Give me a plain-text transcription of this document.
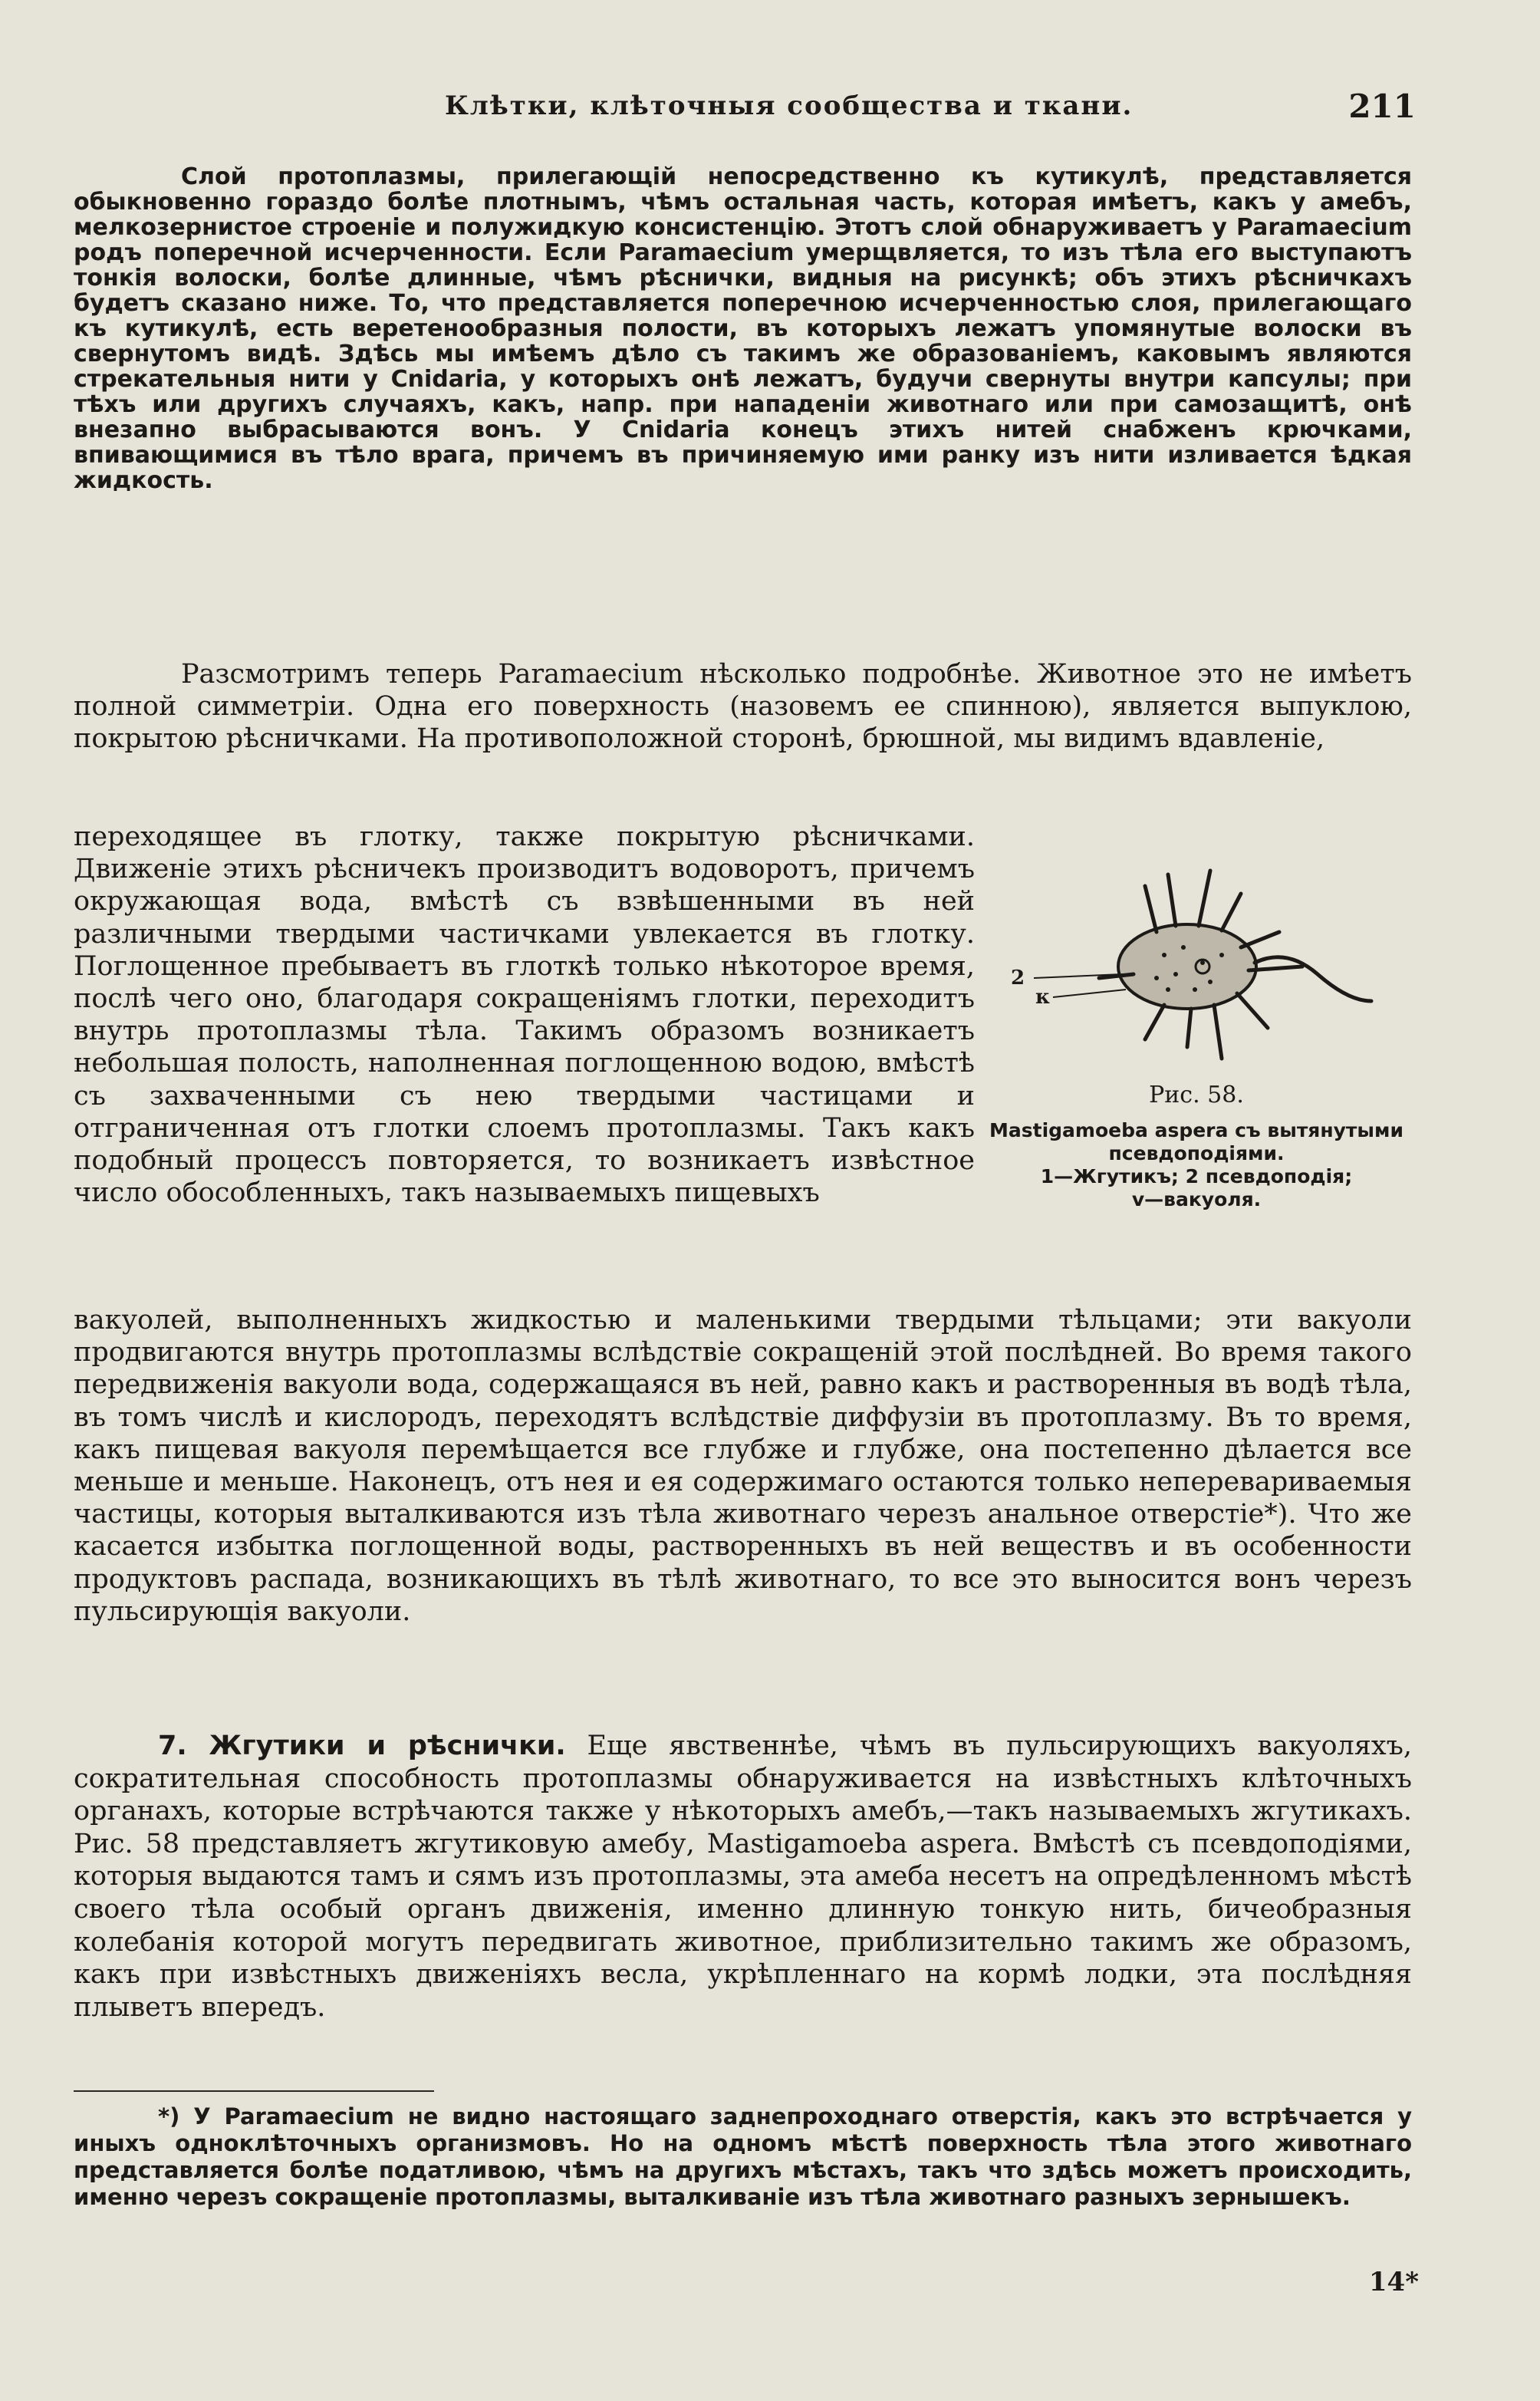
Клѣтки, клѣточныя сообщества и ткани.	211

Слой протоплазмы, прилегающій непосредственно къ кутикулѣ, представляется обыкновенно гораздо болѣе плотнымъ, чѣмъ остальная часть, которая имѣетъ, какъ у амебъ, мелкозернистое строеніе и полужидкую консистенцію. Этотъ слой обнаруживаетъ у Paramaecium родъ поперечной исчерченности. Если Paramaecium умерщвляется, то изъ тѣла его выступаютъ тонкія волоски, болѣе длинные, чѣмъ рѣснички, видныя на рисункѣ; объ этихъ рѣсничкахъ будетъ сказано ниже. То, что представляется поперечною исчерченностью слоя, прилегающаго къ кутикулѣ, есть веретенообразныя полости, въ которыхъ лежатъ упомянутые волоски въ свернутомъ видѣ. Здѣсь мы имѣемъ дѣло съ такимъ же образованіемъ, каковымъ являются стрекательныя нити у Cnidaria, у которыхъ онѣ лежатъ, будучи свернуты внутри капсулы; при тѣхъ или другихъ случаяхъ, какъ, напр. при нападеніи животнаго или при самозащитѣ, онѣ внезапно выбрасываются вонъ. У Cnidaria конецъ этихъ нитей снабженъ крючками, впивающимися въ тѣло врага, причемъ въ причиняемую ими ранку изъ нити изливается ѣдкая жидкость.

Разсмотримъ теперь Paramaecium нѣсколько подробнѣе. Животное это не имѣетъ полной симметріи. Одна его поверхность (назовемъ ее спинною), является выпуклою, покрытою рѣсничками. На противоположной сторонѣ, брюшной, мы видимъ вдавленіе,

переходящее въ глотку, также покрытую рѣсничками. Движеніе этихъ рѣсничекъ производитъ водоворотъ, причемъ окружающая вода, вмѣстѣ съ взвѣшенными въ ней различными твердыми частичками увлекается въ глотку. Поглощенное пребываетъ въ глоткѣ только нѣкоторое время, послѣ чего оно, благодаря сокращеніямъ глотки, переходитъ внутрь протоплазмы тѣла. Такимъ образомъ возникаетъ небольшая полость, наполненная поглощенною водою, вмѣстѣ съ захваченными съ нею твердыми частицами и отграниченная отъ глотки слоемъ протоплазмы. Такъ какъ подобный процессъ повторяется, то возникаетъ извѣстное число обособленныхъ, такъ называемыхъ пищевыхъ

2
к
Рис. 58.
Mastigamoeba aspera съ вытянутыми псевдоподіями.
1—Жгутикъ; 2 псевдоподія;
v—вакуоля.

вакуолей, выполненныхъ жидкостью и маленькими твердыми тѣльцами; эти вакуоли продвигаются внутрь протоплазмы вслѣдствіе сокращеній этой послѣдней. Во время такого передвиженія вакуоли вода, содержащаяся въ ней, равно какъ и растворенныя въ водѣ тѣла, въ томъ числѣ и кислородъ, переходятъ вслѣдствіе диффузіи въ протоплазму. Въ то время, какъ пищевая вакуоля перемѣщается все глубже и глубже, она постепенно дѣлается все меньше и меньше. Наконецъ, отъ нея и ея содержимаго остаются только неперевариваемыя частицы, которыя выталкиваются изъ тѣла животнаго черезъ анальное отверстіе*). Что же касается избытка поглощенной воды, растворенныхъ въ ней веществъ и въ особенности продуктовъ распада, возникающихъ въ тѣлѣ животнаго, то все это выносится вонъ черезъ пульсирующія вакуоли.

7. Жгутики и рѣснички. Еще явственнѣе, чѣмъ въ пульсирующихъ вакуоляхъ, сократительная способность протоплазмы обнаруживается на извѣстныхъ клѣточныхъ органахъ, которые встрѣчаются также у нѣкоторыхъ амебъ,—такъ называемыхъ жгутикахъ. Рис. 58 представляетъ жгутиковую амебу, Mastigamoeba aspera. Вмѣстѣ съ псевдоподіями, которыя выдаются тамъ и сямъ изъ протоплазмы, эта амеба несетъ на опредѣленномъ мѣстѣ своего тѣла особый органъ движенія, именно длинную тонкую нить, бичеобразныя колебанія которой могутъ передвигать животное, приблизительно такимъ же образомъ, какъ при извѣстныхъ движеніяхъ весла, укрѣпленнаго на кормѣ лодки, эта послѣдняя плыветъ впередъ.

*) У Paramaecium не видно настоящаго заднепроходнаго отверстія, какъ это встрѣчается у иныхъ одноклѣточныхъ организмовъ. Но на одномъ мѣстѣ поверхность тѣла этого животнаго представляется болѣе податливою, чѣмъ на другихъ мѣстахъ, такъ что здѣсь можетъ происходить, именно черезъ сокращеніе протоплазмы, выталкиваніе изъ тѣла животнаго разныхъ зернышекъ.

14*
